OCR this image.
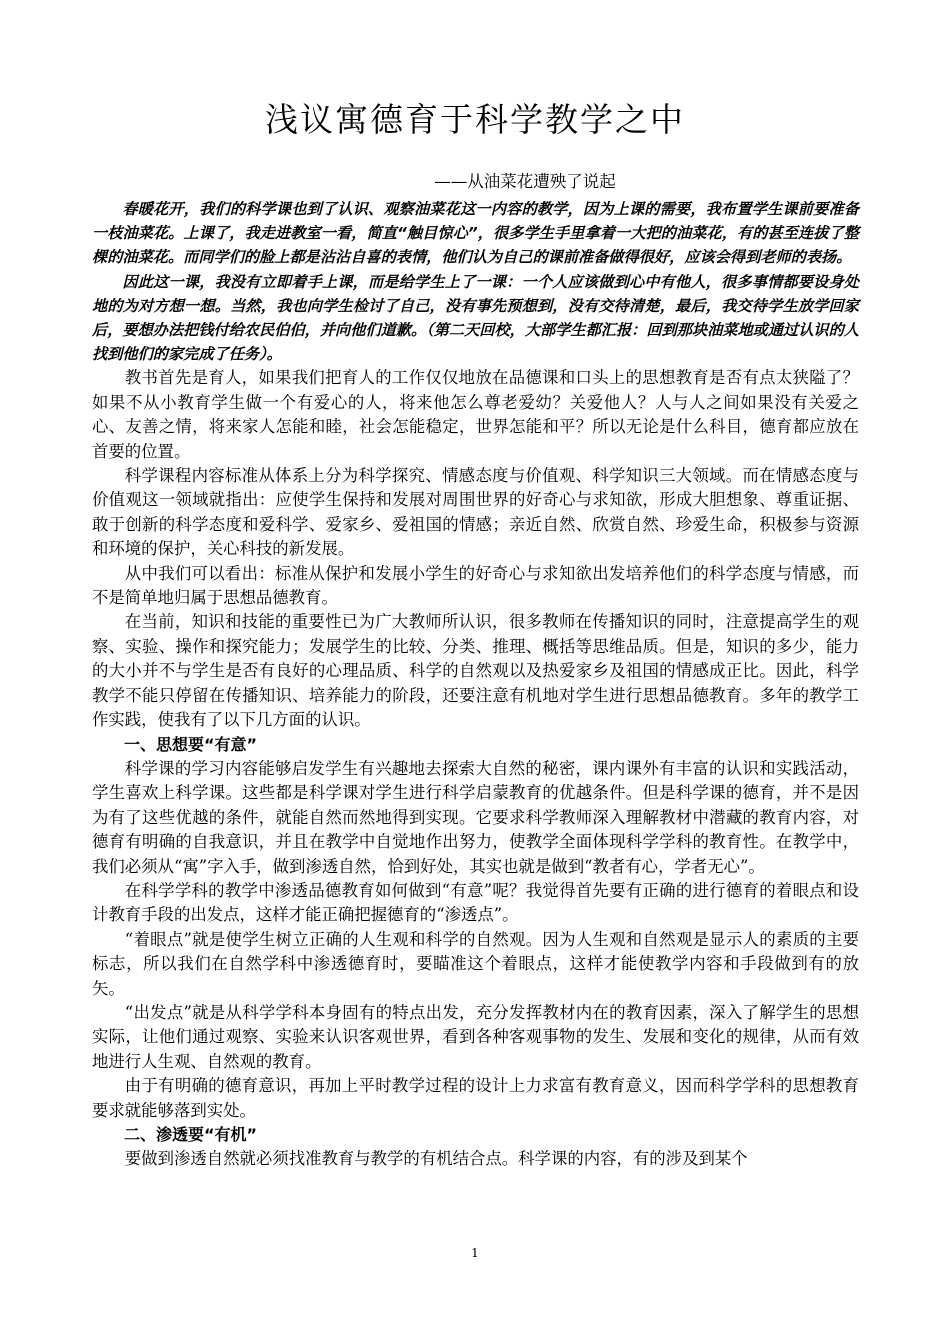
浅议寓德育于科学教学之中
——从油菜花遭殃了说起

春暖花开，我们的科学课也到了认识、观察油菜花这一内容的教学，因为上课的需要，我布置学生课前要准备一枝油菜花。上课了，我走进教室一看，简直“触目惊心”，很多学生手里拿着一大把的油菜花，有的甚至连拔了整棵的油菜花。而同学们的脸上都是沾沾自喜的表情，他们认为自己的课前准备做得很好，应该会得到老师的表扬。

因此这一课，我没有立即着手上课，而是给学生上了一课：一个人应该做到心中有他人，很多事情都要设身处地的为对方想一想。当然，我也向学生检讨了自己，没有事先预想到，没有交待清楚，最后，我交待学生放学回家后，要想办法把钱付给农民伯伯，并向他们道歉。（第二天回校，大部学生都汇报：回到那块油菜地或通过认识的人找到他们的家完成了任务）。

教书首先是育人，如果我们把育人的工作仅仅地放在品德课和口头上的思想教育是否有点太狭隘了？如果不从小教育学生做一个有爱心的人，将来他怎么尊老爱幼？关爱他人？人与人之间如果没有关爱之心、友善之情，将来家人怎能和睦，社会怎能稳定，世界怎能和平？所以无论是什么科目，德育都应放在首要的位置。

科学课程内容标准从体系上分为科学探究、情感态度与价值观、科学知识三大领域。而在情感态度与价值观这一领域就指出：应使学生保持和发展对周围世界的好奇心与求知欲，形成大胆想象、尊重证据、敢于创新的科学态度和爱科学、爱家乡、爱祖国的情感；亲近自然、欣赏自然、珍爱生命，积极参与资源和环境的保护，关心科技的新发展。

从中我们可以看出：标准从保护和发展小学生的好奇心与求知欲出发培养他们的科学态度与情感，而不是简单地归属于思想品德教育。

在当前，知识和技能的重要性已为广大教师所认识，很多教师在传播知识的同时，注意提高学生的观察、实验、操作和探究能力；发展学生的比较、分类、推理、概括等思维品质。但是，知识的多少，能力的大小并不与学生是否有良好的心理品质、科学的自然观以及热爱家乡及祖国的情感成正比。因此，科学教学不能只停留在传播知识、培养能力的阶段，还要注意有机地对学生进行思想品德教育。多年的教学工作实践，使我有了以下几方面的认识。

一、思想要“有意”

科学课的学习内容能够启发学生有兴趣地去探索大自然的秘密，课内课外有丰富的认识和实践活动，学生喜欢上科学课。这些都是科学课对学生进行科学启蒙教育的优越条件。但是科学课的德育，并不是因为有了这些优越的条件，就能自然而然地得到实现。它要求科学教师深入理解教材中潜藏的教育内容，对德育有明确的自我意识，并且在教学中自觉地作出努力，使教学全面体现科学学科的教育性。在教学中，我们必须从“寓”字入手，做到渗透自然，恰到好处，其实也就是做到“教者有心，学者无心”。

在科学学科的教学中渗透品德教育如何做到“有意”呢？我觉得首先要有正确的进行德育的着眼点和设计教育手段的出发点，这样才能正确把握德育的“渗透点”。

“着眼点”就是使学生树立正确的人生观和科学的自然观。因为人生观和自然观是显示人的素质的主要标志，所以我们在自然学科中渗透德育时，要瞄准这个着眼点，这样才能使教学内容和手段做到有的放矢。

“出发点”就是从科学学科本身固有的特点出发，充分发挥教材内在的教育因素，深入了解学生的思想实际，让他们通过观察、实验来认识客观世界，看到各种客观事物的发生、发展和变化的规律，从而有效地进行人生观、自然观的教育。

由于有明确的德育意识，再加上平时教学过程的设计上力求富有教育意义，因而科学学科的思想教育要求就能够落到实处。

二、渗透要“有机”

要做到渗透自然就必须找准教育与教学的有机结合点。科学课的内容，有的涉及到某个

1
